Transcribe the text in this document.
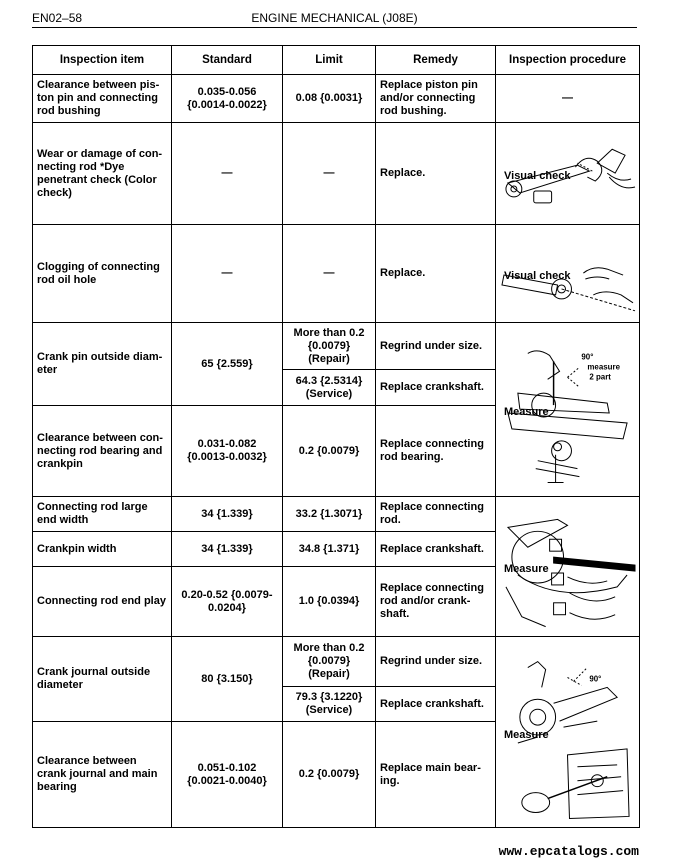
EN02–58	ENGINE MECHANICAL (J08E)
Inspection item	Standard	Limit	Remedy	Inspection procedure
Clearance between pis-ton pin and connecting rod bushing	0.035-0.056 {0.0014-0.0022}	0.08 {0.0031}	Replace piston pin and/or connecting rod bushing.	—
Wear or damage of con-necting rod *Dye penetrant check (Color check)	—	—	Replace.	Visual check

Clogging of connecting rod oil hole	—	—	Replace.	Visual check

Crank pin outside diam-eter	65 {2.559}	More than 0.2 {0.0079} (Repair)	Regrind under size.	Measure
90°
measure
2 part

		64.3 {2.5314} (Service)	Replace crankshaft.	
Clearance between con-necting rod bearing and crankpin	0.031-0.082 {0.0013-0.0032}	0.2 {0.0079}	Replace connecting rod bearing.	
Connecting rod large end width	34 {1.339}	33.2 {1.3071}	Replace connecting rod.	Measure

Crankpin width	34 {1.339}	34.8 {1.371}	Replace crankshaft.	
Connecting rod end play	0.20-0.52 {0.0079-0.0204}	1.0 {0.0394}	Replace connecting rod and/or crank-shaft.	
Crank journal outside diameter	80 {3.150}	More than 0.2 {0.0079} (Repair)	Regrind under size.	Measure
90°

		79.3 {3.1220} (Service)	Replace crankshaft.	
Clearance between crank journal and main bearing	0.051-0.102 {0.0021-0.0040}	0.2 {0.0079}	Replace main bear-ing.	
www.epcatalogs.com
